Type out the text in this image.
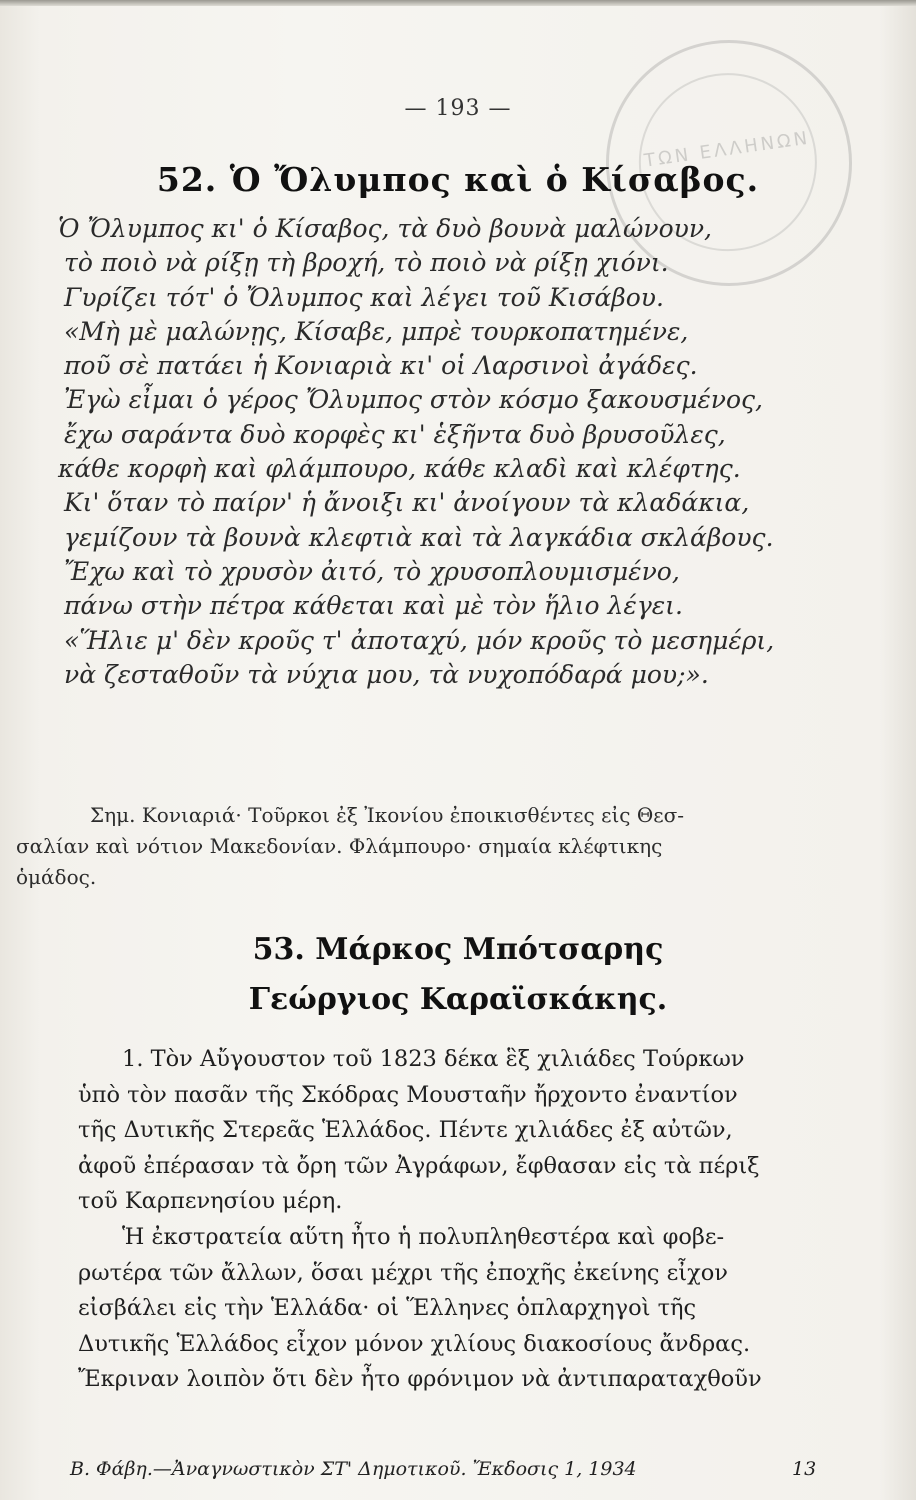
ΤΩΝ ΕΛΛΗΝΩΝ
— 193 —
52. Ὁ Ὄλυμπος καὶ ὁ Κίσαβος.
Ὁ Ὄλυμπος κι' ὁ Κίσαβος, τὰ δυὸ βουνὰ μαλώνουν,
τὸ ποιὸ νὰ ρίξῃ τὴ βροχή, τὸ ποιὸ νὰ ρίξῃ χιόνι.
Γυρίζει τότ' ὁ Ὄλυμπος καὶ λέγει τοῦ Κισάβου.
«Μὴ μὲ μαλώνῃς, Κίσαβε, μπρὲ τουρκοπατημένε,
ποῦ σὲ πατάει ἡ Κονιαριὰ κι' οἱ Λαρσινοὶ ἀγάδες.
Ἐγὼ εἶμαι ὁ γέρος Ὄλυμπος στὸν κόσμο ξακουσμένος,
ἔχω σαράντα δυὸ κορφὲς κι' ἑξῆντα δυὸ βρυσοῦλες,
κάθε κορφὴ καὶ φλάμπουρο, κάθε κλαδὶ καὶ κλέφτης.
Κι' ὅταν τὸ παίρν' ἡ ἄνοιξι κι' ἀνοίγουν τὰ κλαδάκια,
γεμίζουν τὰ βουνὰ κλεφτιὰ καὶ τὰ λαγκάδια σκλάβους.
Ἔχω καὶ τὸ χρυσὸν ἀιτό, τὸ χρυσοπλουμισμένο,
πάνω στὴν πέτρα κάθεται καὶ μὲ τὸν ἥλιο λέγει.
«Ἥλιε μ' δὲν κροῦς τ' ἀποταχύ, μόν κροῦς τὸ μεσημέρι,
νὰ ζεσταθοῦν τὰ νύχια μου, τὰ νυχοπόδαρά μου;».
Σημ. Κονιαριά· Τοῦρκοι ἐξ Ἰκονίου ἐποικισθέντες εἰς Θεσ-
σαλίαν καὶ νότιον Μακεδονίαν. Φλάμπουρο· σημαία κλέφτικης
ὁμάδος.
53. Μάρκος Μπότσαρης
Γεώργιος Καραϊσκάκης.
1. Τὸν Αὔγουστον τοῦ 1823 δέκα ἓξ χιλιάδες Τούρκων
ὑπὸ τὸν πασᾶν τῆς Σκόδρας Μουσταῆν ἤρχοντο ἐναντίον
τῆς Δυτικῆς Στερεᾶς Ἑλλάδος. Πέντε χιλιάδες ἐξ αὐτῶν,
ἀφοῦ ἐπέρασαν τὰ ὄρη τῶν Ἀγράφων, ἔφθασαν εἰς τὰ πέριξ
τοῦ Καρπενησίου μέρη.
Ἡ ἐκστρατεία αὕτη ἦτο ἡ πολυπληθεστέρα καὶ φοβε-
ρωτέρα τῶν ἄλλων, ὅσαι μέχρι τῆς ἐποχῆς ἐκείνης εἶχον
εἰσβάλει εἰς τὴν Ἑλλάδα· οἱ Ἕλληνες ὁπλαρχηγοὶ τῆς
Δυτικῆς Ἑλλάδος εἶχον μόνον χιλίους διακοσίους ἄνδρας.
Ἔκριναν λοιπὸν ὅτι δὲν ἦτο φρόνιμον νὰ ἀντιπαραταχθοῦν
Β. Φάβη.—Ἀναγνωστικὸν ΣΤ' Δημοτικοῦ. Ἔκδοσις 1, 1934	13
